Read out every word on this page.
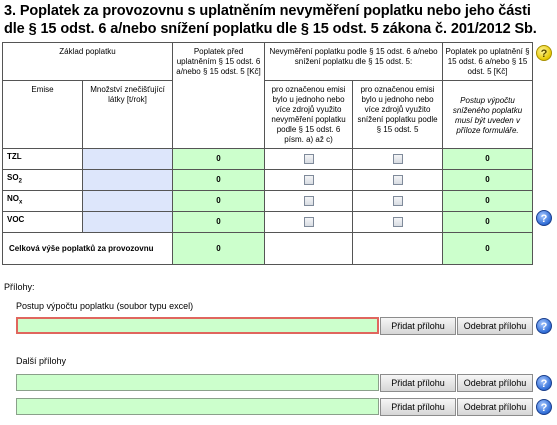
3. Poplatek za provozovnu s uplatněním nevyměření poplatku nebo jeho části dle § 15 odst. 6 a/nebo snížení poplatku dle § 15 odst. 5 zákona č. 201/2012 Sb.
Základ poplatku		Poplatek před uplatněním § 15 odst. 6 a/nebo § 15 odst. 5 [Kč]	Nevyměření poplatku podle § 15 odst. 6 a/nebo snížení poplatku dle § 15 odst. 5:		Poplatek po uplatnění § 15 odst. 6 a/nebo § 15 odst. 5 [Kč]
Emise	Množství znečišťující látky [t/rok]		pro označenou emisi bylo u jednoho nebo více zdrojů využito nevyměření poplatku podle § 15 odst. 6 písm. a) až c)	pro označenou emisi bylo u jednoho nebo více zdrojů využito snížení poplatku podle § 15 odst. 5	Postup výpočtu sníženého poplatku musí být uveden v příloze formuláře.
TZL		0			0
$SO_2$		0			0
$NO_x$		0			0
VOC		0			0
Celková výše poplatků za provozovnu		0			0
?
?
Přílohy:
Postup výpočtu poplatku (soubor typu excel)
Přidat přílohu	Odebrat přílohu	?
Další přílohy
Přidat přílohu	Odebrat přílohu	?
Přidat přílohu	Odebrat přílohu	?
